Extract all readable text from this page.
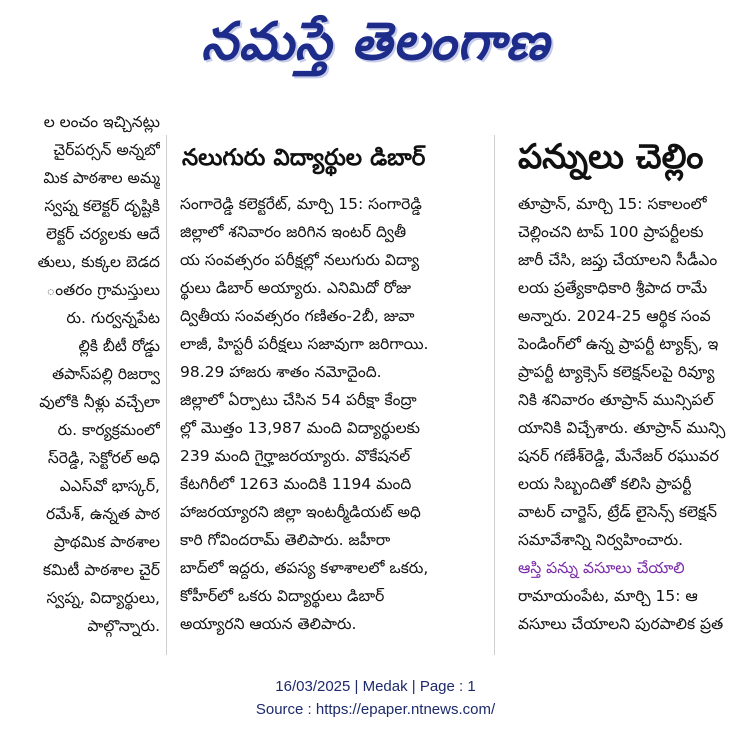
నమస్తే తెలంగాణ
ల లంచం ఇచ్చినట్లు
చైర్‌పర్సన్ అన్నబో
మిక పాఠశాల అమ్మ
స్వప్న కలెక్టర్ దృష్టికి
లెక్టర్ చర్యలకు ఆదే
తులు, కుక్కల బెడద
ంతరం గ్రామస్తులు
రు. గుర్వన్నపేట
ల్లికి బీటీ రోడ్డు
తపాస్‌పల్లి రిజర్వా
వులోకి నీళ్లు వచ్చేలా
రు. కార్యక్రమంలో
స్‌రెడ్డి, సెక్టోరల్ అధి
ఎఎస్‌వో భాస్కర్,
రమేశ్, ఉన్నత పాఠ
ప్రాథమిక పాఠశాల
కమిటీ పాఠశాల చైర్
స్వప్న, విద్యార్థులు,
పాల్గొన్నారు.
నలుగురు విద్యార్థుల డిబార్
సంగారెడ్డి కలెక్టరేట్, మార్చి 15: సంగారెడ్డి
జిల్లాలో శనివారం జరిగిన ఇంటర్ ద్వితీ
య సంవత్సరం పరీక్షల్లో నలుగురు విద్యా
ర్థులు డిబార్ అయ్యారు. ఎనిమిదో రోజు
ద్వితీయ సంవత్సరం గణితం-2బీ, జువా
లాజీ, హిస్టరీ పరీక్షలు సజావుగా జరిగాయి.
98.29 హాజరు శాతం నమోదైంది.
జిల్లాలో ఏర్పాటు చేసిన 54 పరీక్షా కేంద్రా
ల్లో మొత్తం 13,987 మంది విద్యార్థులకు
239 మంది గైర్హాజరయ్యారు. వొకేషనల్
కేటగిరీలో 1263 మందికి 1194 మంది
హాజరయ్యారని జిల్లా ఇంటర్మీడియట్ అధి
కారి గోవిందరామ్ తెలిపారు. జహీరా
బాద్‌లో ఇద్దరు, తపస్య కళాశాలలో ఒకరు,
కోహీర్‌లో ఒకరు విద్యార్థులు డిబార్
అయ్యారని ఆయన తెలిపారు.
పన్నులు చెల్లిం
తూప్రాన్, మార్చి 15: సకాలంలో
చెల్లించని టాప్ 100 ప్రాపర్టీలకు
జారీ చేసి, జప్తు చేయాలని సీడీఎం
లయ ప్రత్యేకాధికారి శ్రీపాద రామే
అన్నారు. 2024-25 ఆర్థిక సంవ
పెండింగ్‌లో ఉన్న ప్రాపర్టీ ట్యాక్స్, ఇ
ప్రాపర్టీ ట్యాక్సెస్ కలెక్షన్‌లపై రివ్యూ
నికి శనివారం తూప్రాన్ మున్సిపల్
యానికి విచ్చేశారు. తూప్రాన్ మున్సి
షనర్ గణేశ్‌రెడ్డి, మేనేజర్ రఘువర
లయ సిబ్బందితో కలిసి ప్రాపర్టీ
వాటర్ చార్జెస్, ట్రేడ్ లైసెన్స్ కలెక్షన్
సమావేశాన్ని నిర్వహించారు.
ఆస్తి పన్ను వసూలు చేయాలి
రామాయంపేట, మార్చి 15: ఆ
వసూలు చేయాలని పురపాలిక ప్రత
16/03/2025 | Medak | Page : 1
Source : https://epaper.ntnews.com/
